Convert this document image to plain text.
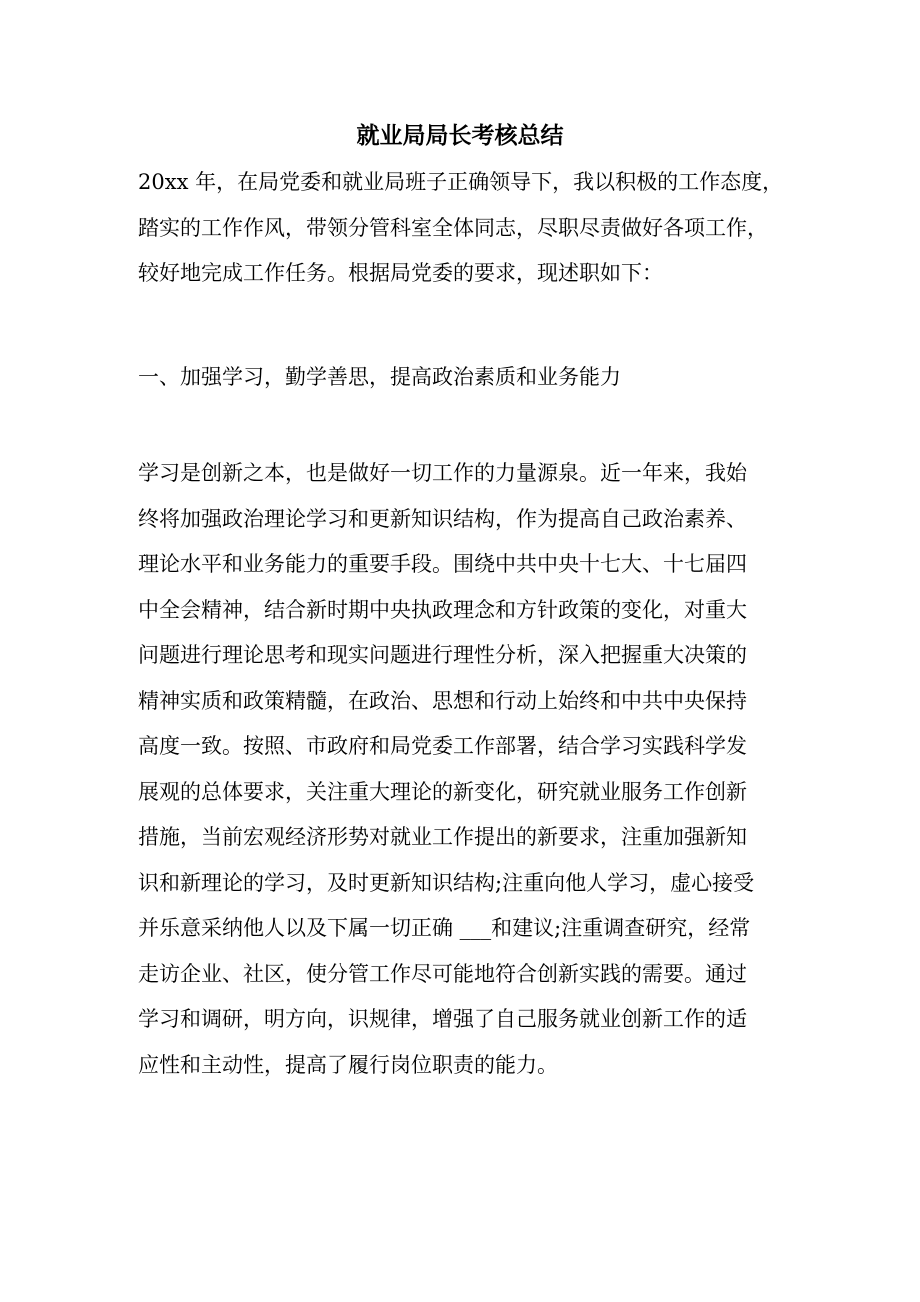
就业局局长考核总结

20xx 年，在局党委和就业局班子正确领导下，我以积极的工作态度，
踏实的工作作风，带领分管科室全体同志，尽职尽责做好各项工作，
较好地完成工作任务。根据局党委的要求，现述职如下：

一、加强学习，勤学善思，提高政治素质和业务能力

学习是创新之本，也是做好一切工作的力量源泉。近一年来，我始
终将加强政治理论学习和更新知识结构，作为提高自己政治素养、
理论水平和业务能力的重要手段。围绕中共中央十七大、十七届四
中全会精神，结合新时期中央执政理念和方针政策的变化，对重大
问题进行理论思考和现实问题进行理性分析，深入把握重大决策的
精神实质和政策精髓，在政治、思想和行动上始终和中共中央保持
高度一致。按照、市政府和局党委工作部署，结合学习实践科学发
展观的总体要求，关注重大理论的新变化，研究就业服务工作创新
措施，当前宏观经济形势对就业工作提出的新要求，注重加强新知
识和新理论的学习，及时更新知识结构;注重向他人学习，虚心接受
并乐意采纳他人以及下属一切正确 ___和建议;注重调查研究，经常
走访企业、社区，使分管工作尽可能地符合创新实践的需要。通过
学习和调研，明方向，识规律，增强了自己服务就业创新工作的适
应性和主动性，提高了履行岗位职责的能力。
